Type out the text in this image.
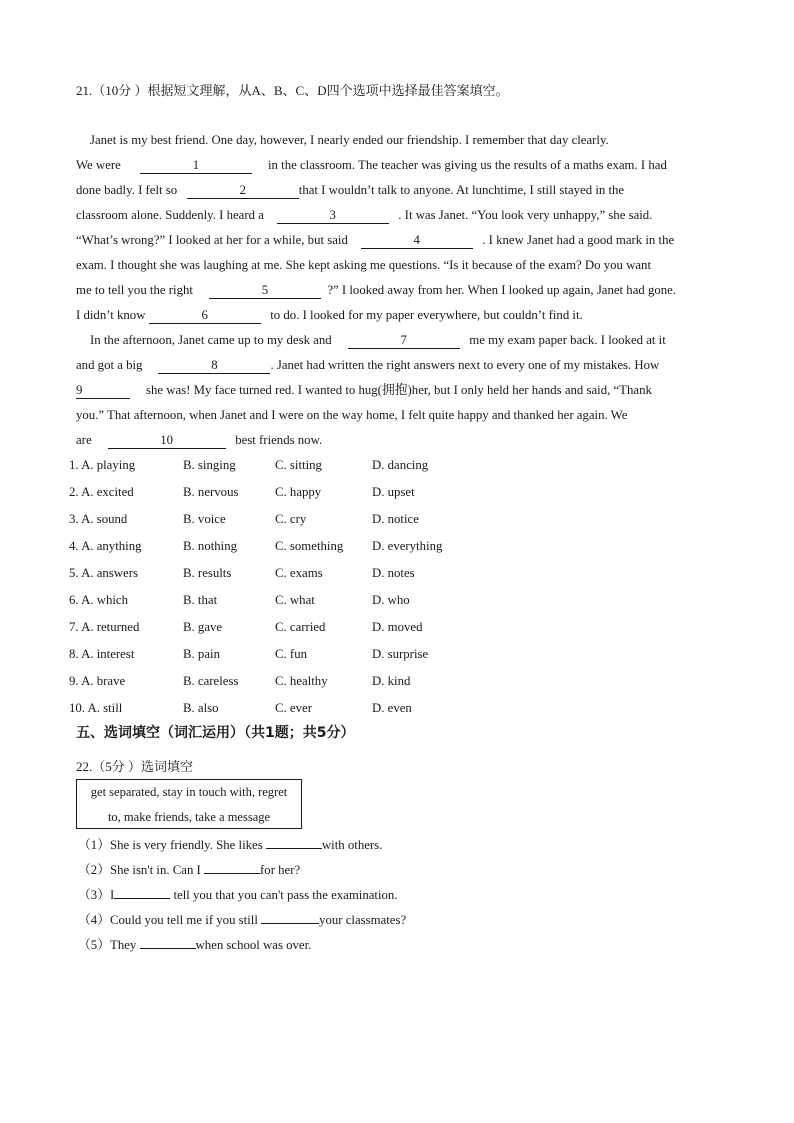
21.（10分 ）根据短文理解，从A、B、C、D四个选项中选择最佳答案填空。

Janet is my best friend. One day, however, I nearly ended our friendship. I remember that day clearly.

We were	1	in the classroom. The teacher was giving us the results of a maths exam. I had

done badly. I felt so	2	that I wouldn’t talk to anyone. At lunchtime, I still stayed in the

classroom alone. Suddenly. I heard a	3	. It was Janet. “You look very unhappy,” she said.

“What’s wrong?” I looked at her for a while, but said	4	. I knew Janet had a good mark in the

exam. I thought she was laughing at me. She kept asking me questions. “Is it because of the exam? Do you want

me to tell you the right	5	?” I looked away from her. When I looked up again, Janet had gone.

I didn’t know	6	to do. I looked for my paper everywhere, but couldn’t find it.

In the afternoon, Janet came up to my desk and	7	me my exam paper back. I looked at it

and got a big	8	. Janet had written the right answers next to every one of my mistakes. How

9	she was! My face turned red. I wanted to hug(拥抱)her, but I only held her hands and said, “Thank

you.” That afternoon, when Janet and I were on the way home, I felt quite happy and thanked her again. We

are	10	best friends now.

1. A. playing	B. singing	C. sitting	D. dancing
2. A. excited	B. nervous	C. happy	D. upset
3. A. sound	B. voice	C. cry	D. notice
4. A. anything	B. nothing	C. something D. everything
5. A. answers	B. results	C. exams	D. notes
6. A. which	B. that	C. what	D. who
7. A. returned	B. gave	C. carried	D. moved
8. A. interest	B. pain	C. fun	D. surprise
9. A. brave	B. careless	C. healthy	D. kind
10. A. still	B. also	C. ever	D. even
五、选词填空（词汇运用）（共1题；共5分）
22.（5分 ）选词填空
get separated, stay in touch with, regret
to, make friends, take a message
（1）She is very friendly. She likes	with others.
（2）She isn't in. Can I	for her?
（3）I	tell you that you can't pass the examination.
（4）Could you tell me if you still	your classmates?
（5）They	when school was over.
